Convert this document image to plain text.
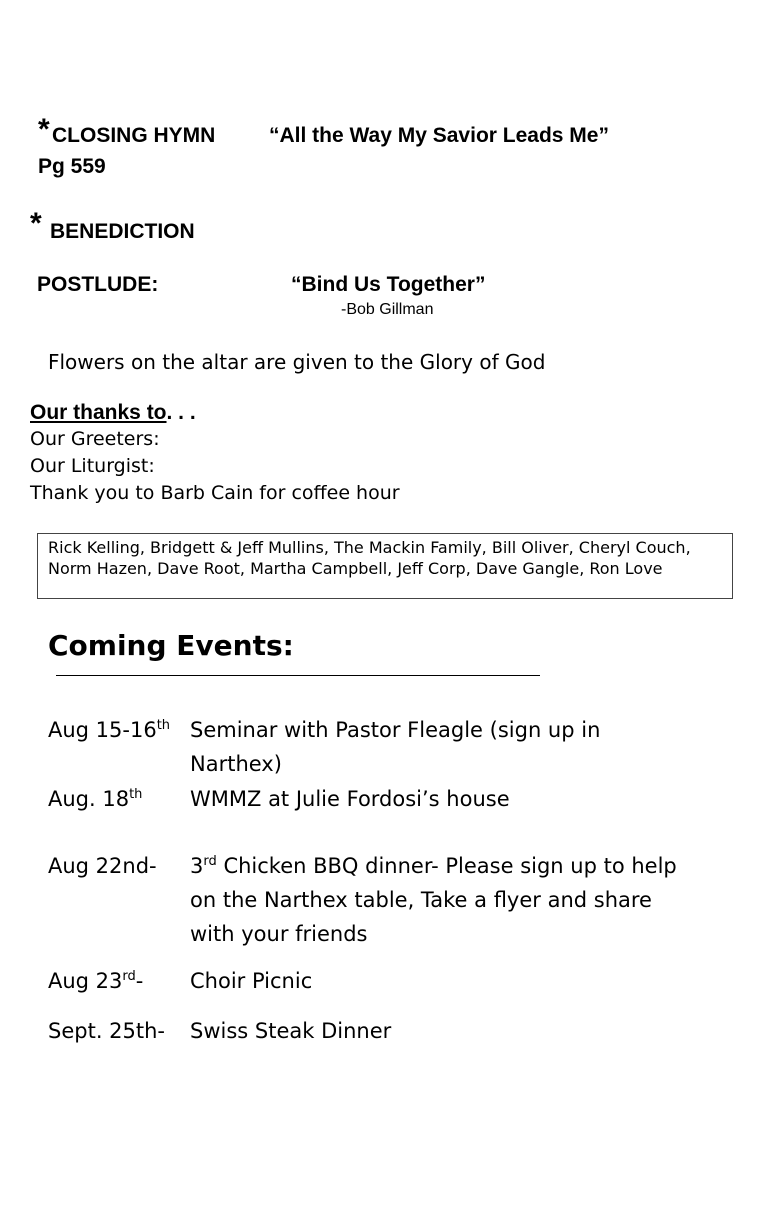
* CLOSING HYMN	“All the Way My Savior Leads Me”
Pg 559
* BENEDICTION
POSTLUDE:	“Bind Us Together”
-Bob Gillman
Flowers on the altar are given to the Glory of God
Our thanks to. . .
Our Greeters:
Our Liturgist:
Thank you to Barb Cain for coffee hour
Rick Kelling, Bridgett & Jeff Mullins, The Mackin Family, Bill Oliver, Cheryl Couch, Norm Hazen, Dave Root, Martha Campbell, Jeff Corp, Dave Gangle, Ron Love
Coming Events:
Aug 15-16th Seminar with Pastor Fleagle (sign up in
Narthex)
Aug. 18th WMMZ at Julie Fordosi’s house
Aug 22nd- 3rd Chicken BBQ dinner- Please sign up to help
on the Narthex table, Take a flyer and share
with your friends
Aug 23rd- Choir Picnic
Sept. 25th- Swiss Steak Dinner
